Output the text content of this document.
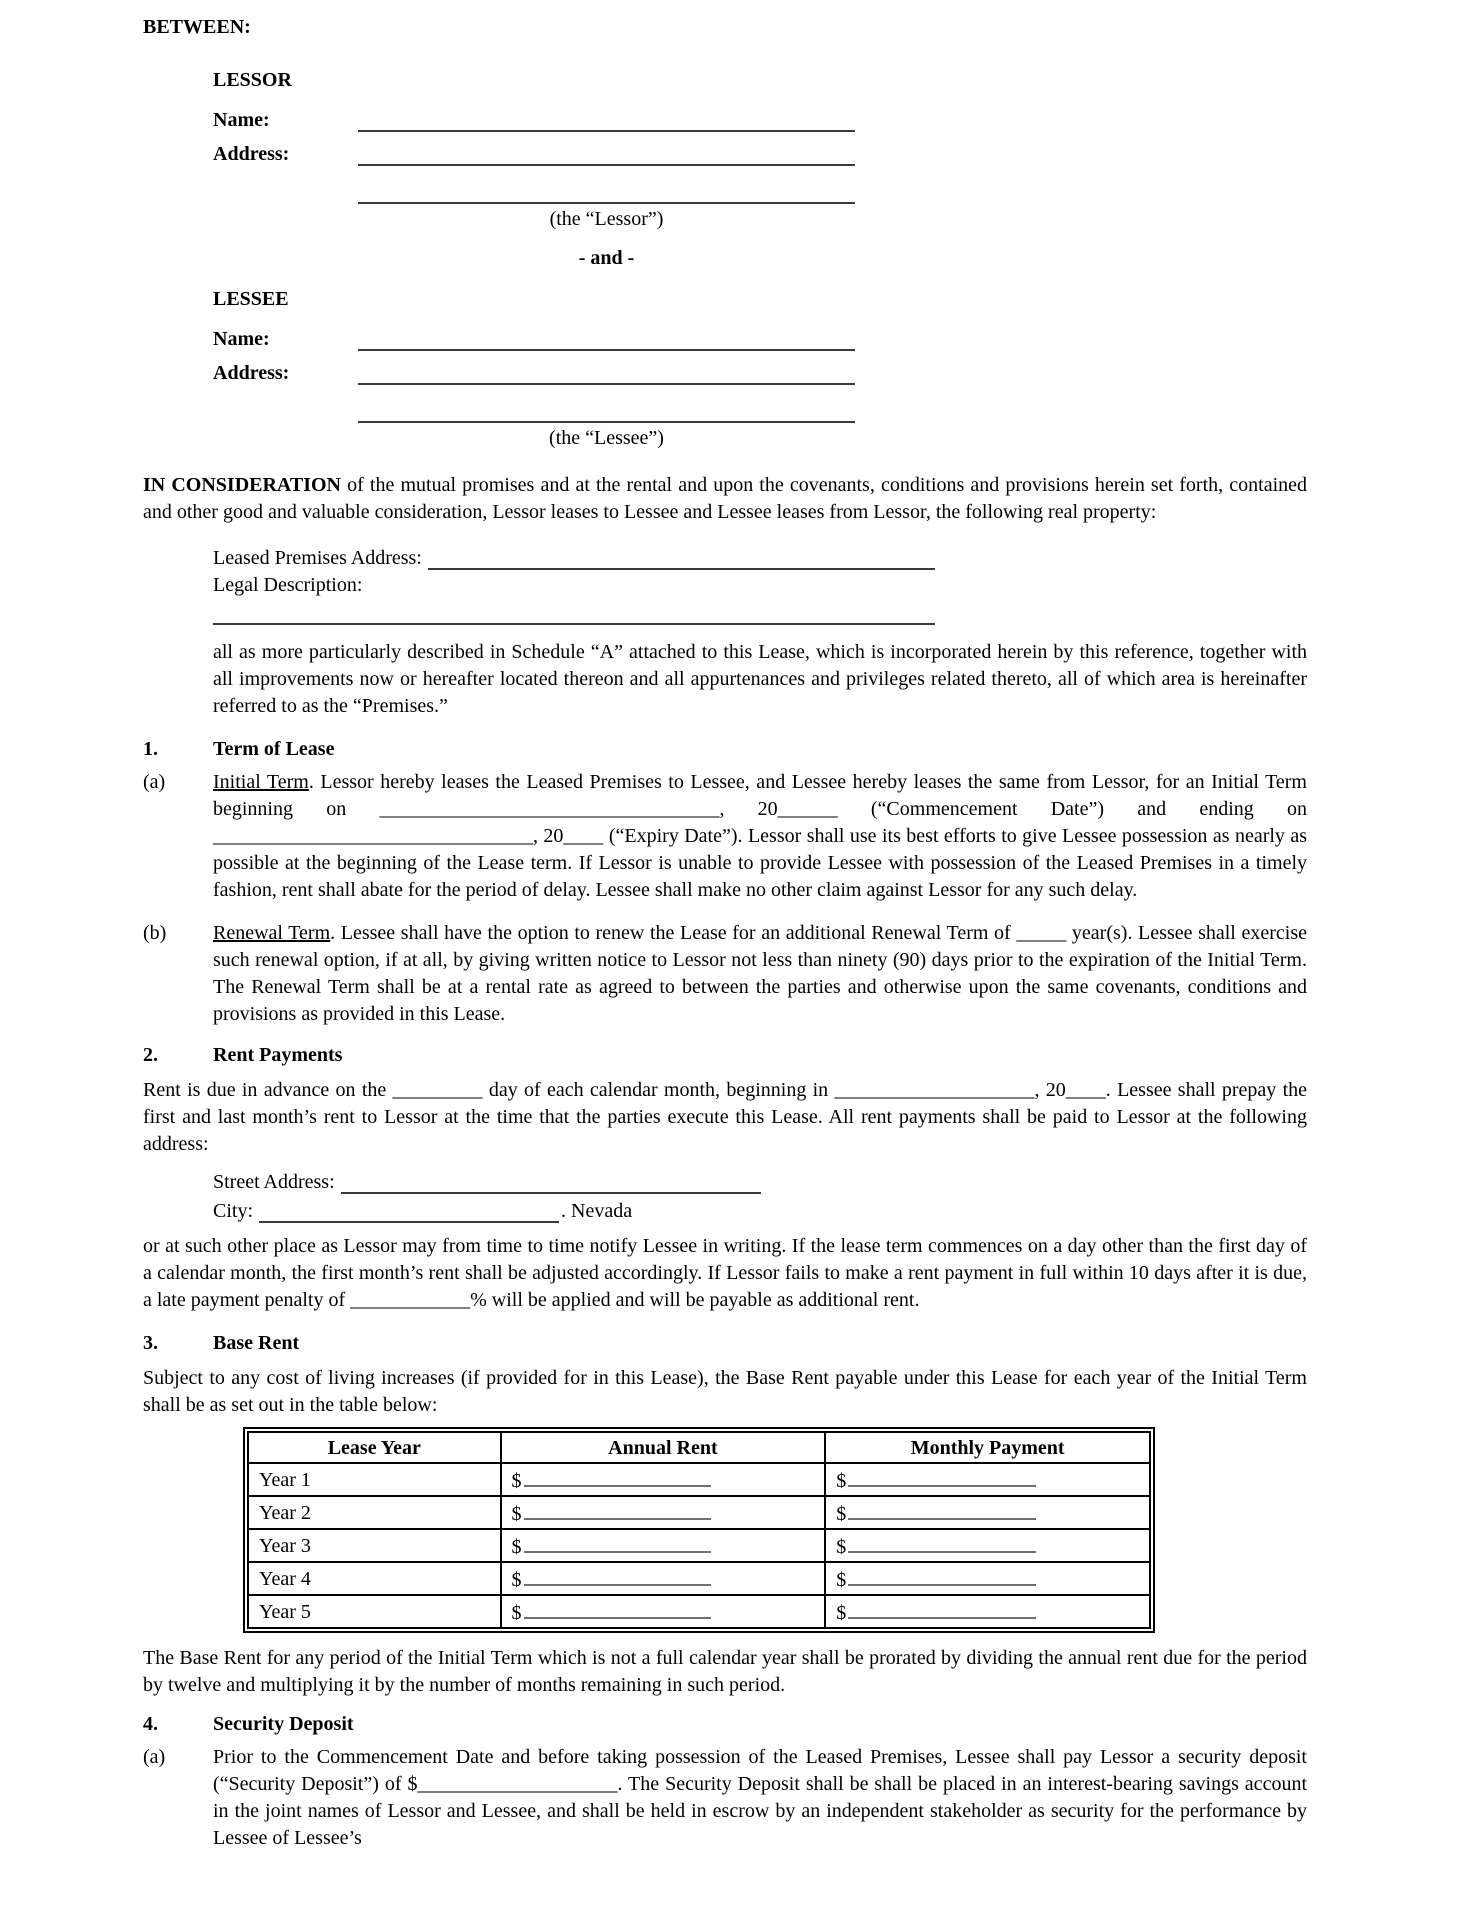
BETWEEN:
LESSOR
Name:
Address:
(the “Lessor”)
- and -
LESSEE
Name:
Address:
(the “Lessee”)
IN CONSIDERATION of the mutual promises and at the rental and upon the covenants, conditions and provisions herein set forth, contained and other good and valuable consideration, Lessor leases to Lessee and Lessee leases from Lessor, the following real property:
Leased Premises Address:
Legal Description:
all as more particularly described in Schedule “A” attached to this Lease, which is incorporated herein by this reference, together with all improvements now or hereafter located thereon and all appurtenances and privileges related thereto, all of which area is hereinafter referred to as the “Premises.”
1.	Term of Lease
(a)	Initial Term. Lessor hereby leases the Leased Premises to Lessee, and Lessee hereby leases the same from Lessor, for an Initial Term beginning on __________________________________, 20______ (“Commencement Date”) and ending on ________________________________, 20____ (“Expiry Date”). Lessor shall use its best efforts to give Lessee possession as nearly as possible at the beginning of the Lease term. If Lessor is unable to provide Lessee with possession of the Leased Premises in a timely fashion, rent shall abate for the period of delay. Lessee shall make no other claim against Lessor for any such delay.
(b)	Renewal Term. Lessee shall have the option to renew the Lease for an additional Renewal Term of _____ year(s). Lessee shall exercise such renewal option, if at all, by giving written notice to Lessor not less than ninety (90) days prior to the expiration of the Initial Term. The Renewal Term shall be at a rental rate as agreed to between the parties and otherwise upon the same covenants, conditions and provisions as provided in this Lease.
2.	Rent Payments
Rent is due in advance on the _________ day of each calendar month, beginning in ____________________, 20____. Lessee shall prepay the first and last month’s rent to Lessor at the time that the parties execute this Lease. All rent payments shall be paid to Lessor at the following address:
Street Address:
City:	. Nevada
or at such other place as Lessor may from time to time notify Lessee in writing. If the lease term commences on a day other than the first day of a calendar month, the first month’s rent shall be adjusted accordingly. If Lessor fails to make a rent payment in full within 10 days after it is due, a late payment penalty of ____________% will be applied and will be payable as additional rent.
3.	Base Rent
Subject to any cost of living increases (if provided for in this Lease), the Base Rent payable under this Lease for each year of the Initial Term shall be as set out in the table below:
Lease Year	Annual Rent	Monthly Payment
Year 1	$	$
Year 2	$	$
Year 3	$	$
Year 4	$	$
Year 5	$	$
The Base Rent for any period of the Initial Term which is not a full calendar year shall be prorated by dividing the annual rent due for the period by twelve and multiplying it by the number of months remaining in such period.
4.	Security Deposit
(a)	Prior to the Commencement Date and before taking possession of the Leased Premises, Lessee shall pay Lessor a security deposit (“Security Deposit”) of $____________________. The Security Deposit shall be shall be placed in an interest-bearing savings account in the joint names of Lessor and Lessee, and shall be held in escrow by an independent stakeholder as security for the performance by Lessee of Lessee’s
